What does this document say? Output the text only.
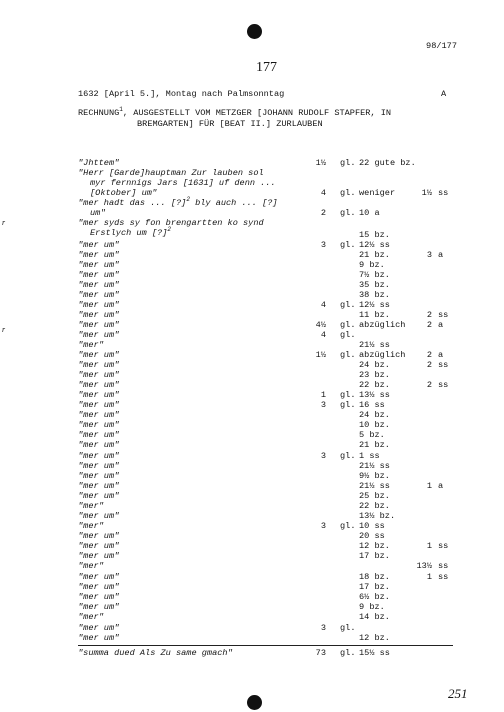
98/177
177
1632 [April 5.], Montag nach Palmsonntag	A
RECHNUNG$^1$, AUSGESTELLT VOM METZGER [JOHANN RUDOLF STAPFER, IN
BREMGARTEN] FÜR [BEAT II.] ZURLAUBEN
r
r
"Jhttem"	1½ gl. 22 gute bz.
"Herr [Garde]hauptman Zur lauben sol
myr fernnigs Jars [1631] uf denn ...
[Oktober] um"	4 gl. weniger	1½ ss
"mer hadt das ... [?]$^2$ bly auch ... [?]
um"	2 gl. 10 a
"mer syds sy fon brengartten ko synd
Erstlych um [?]$^2$
15 bz.
"mer um"	3 gl. 12½ ss
"mer um"	21 bz.	3 a
"mer um"	9 bz.
"mer um"	7½ bz.
"mer um"	35 bz.
"mer um"	38 bz.
"mer um"	4 gl. 12½ ss
"mer um"	11 bz.	2 ss
"mer um"	4½ gl. abzüglich	2 a
"mer um"	4 gl.
"mer"	21½ ss
"mer um"	1½ gl. abzüglich	2 a
"mer um"	24 bz.	2 ss
"mer um"	23 bz.
"mer um"	22 bz.	2 ss
"mer um"	1 gl. 13½ ss
"mer um"	3 gl. 16 ss
"mer um"	24 bz.
"mer um"	10 bz.
"mer um"	5 bz.
"mer um"	21 bz.
"mer um"	3 gl. 1 ss
"mer um"	21½ ss
"mer um"	9½ bz.
"mer um"	21½ ss	1 a
"mer um"	25 bz.
"mer"	22 bz.
"mer um"	13½ bz.
"mer"	3 gl. 10 ss
"mer um"	20 ss
"mer um"	12 bz.	1 ss
"mer um"	17 bz.
"mer"	13½ ss
"mer um"	18 bz.	1 ss
"mer um"	17 bz.
"mer um"	6½ bz.
"mer um"	9 bz.
"mer"	14 bz.
"mer um"	3 gl.
"mer um"	12 bz.
"summa dued Als Zu same gmach"	73 gl. 15½ ss
251
